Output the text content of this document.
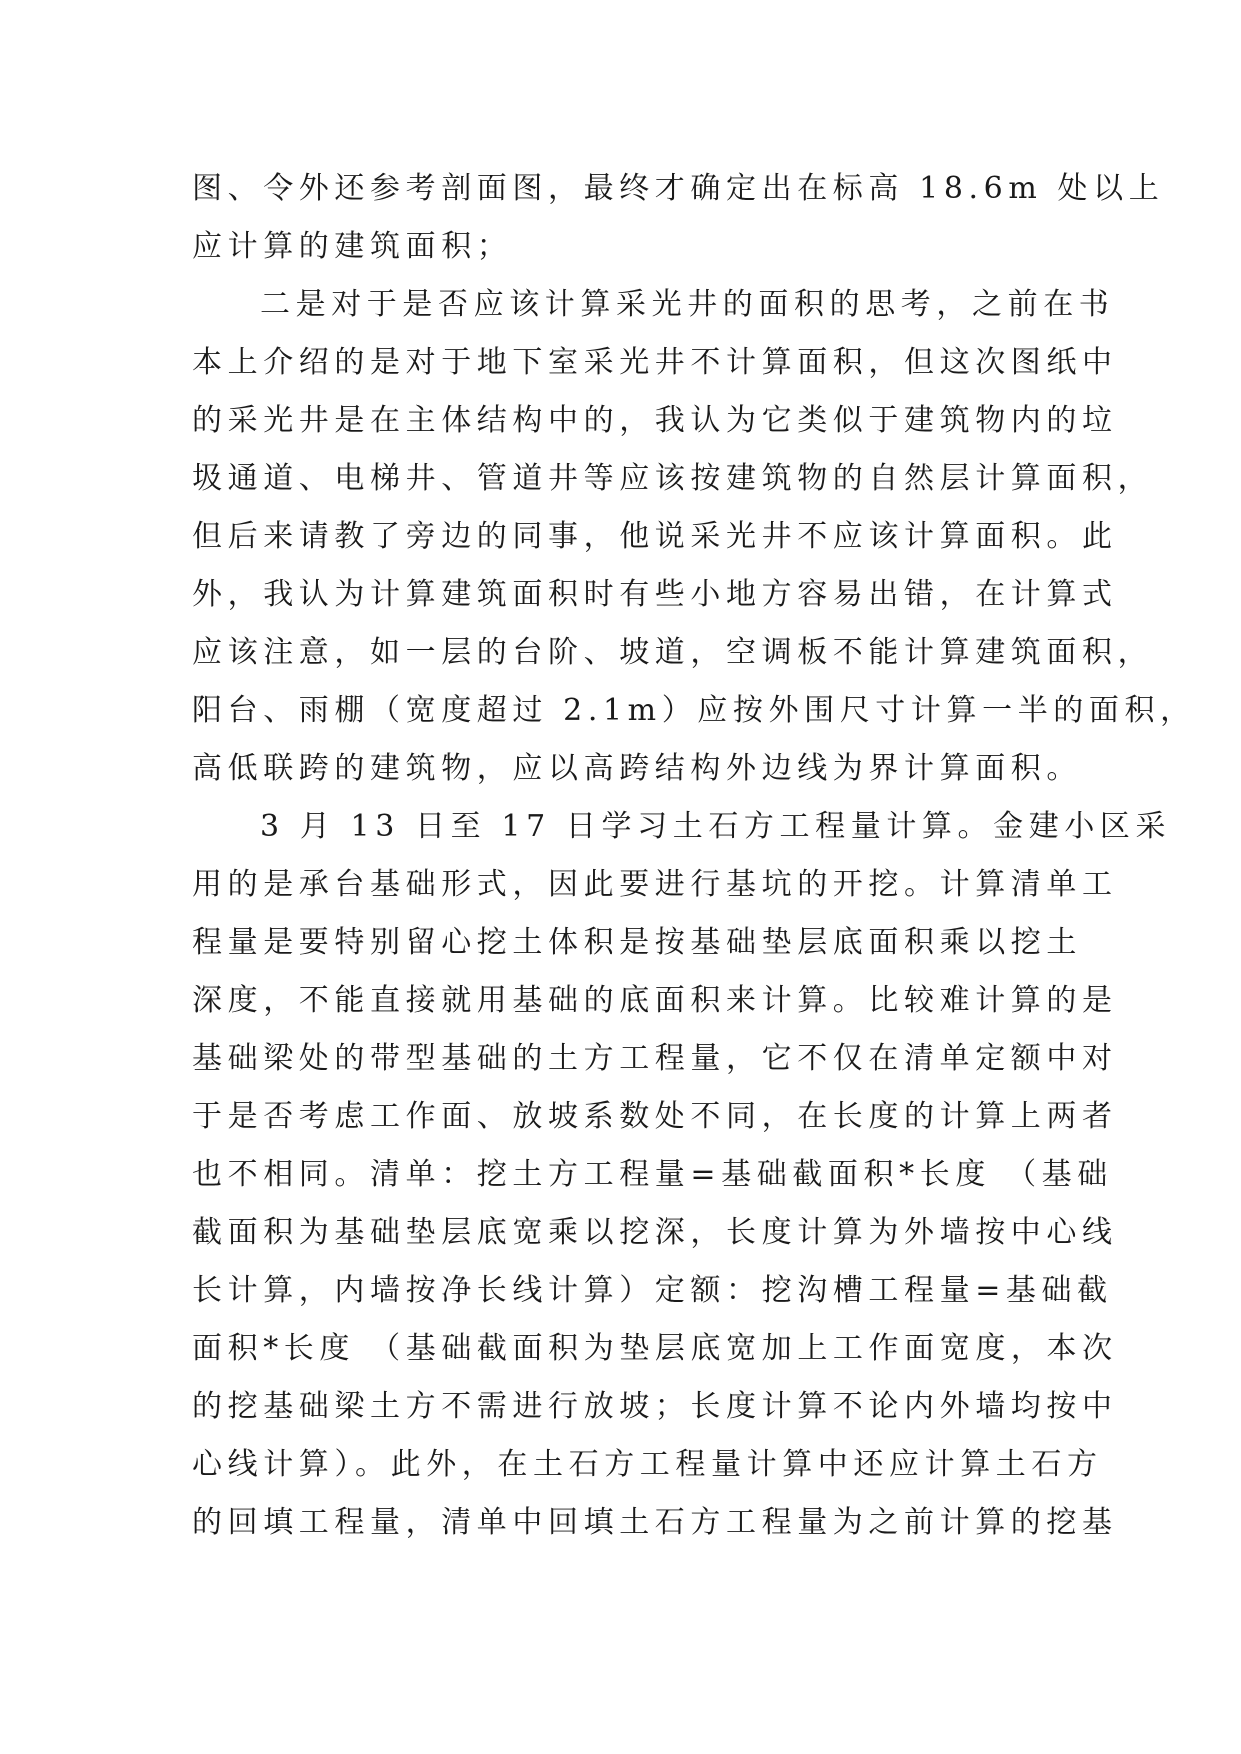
图、令外还参考剖面图，最终才确定出在标高 18.6m 处以上
应计算的建筑面积；
二是对于是否应该计算采光井的面积的思考，之前在书
本上介绍的是对于地下室采光井不计算面积，但这次图纸中
的采光井是在主体结构中的，我认为它类似于建筑物内的垃
圾通道、电梯井、管道井等应该按建筑物的自然层计算面积，
但后来请教了旁边的同事，他说采光井不应该计算面积。此
外，我认为计算建筑面积时有些小地方容易出错，在计算式
应该注意，如一层的台阶、坡道，空调板不能计算建筑面积，
阳台、雨棚（宽度超过 2.1m）应按外围尺寸计算一半的面积，
高低联跨的建筑物，应以高跨结构外边线为界计算面积。
3 月 13 日至 17 日学习土石方工程量计算。金建小区采
用的是承台基础形式，因此要进行基坑的开挖。计算清单工
程量是要特别留心挖土体积是按基础垫层底面积乘以挖土
深度，不能直接就用基础的底面积来计算。比较难计算的是
基础梁处的带型基础的土方工程量，它不仅在清单定额中对
于是否考虑工作面、放坡系数处不同，在长度的计算上两者
也不相同。清单：挖土方工程量=基础截面积*长度 （基础
截面积为基础垫层底宽乘以挖深，长度计算为外墙按中心线
长计算，内墙按净长线计算）定额：挖沟槽工程量=基础截
面积*长度 （基础截面积为垫层底宽加上工作面宽度，本次
的挖基础梁土方不需进行放坡；长度计算不论内外墙均按中
心线计算）。此外，在土石方工程量计算中还应计算土石方
的回填工程量，清单中回填土石方工程量为之前计算的挖基
